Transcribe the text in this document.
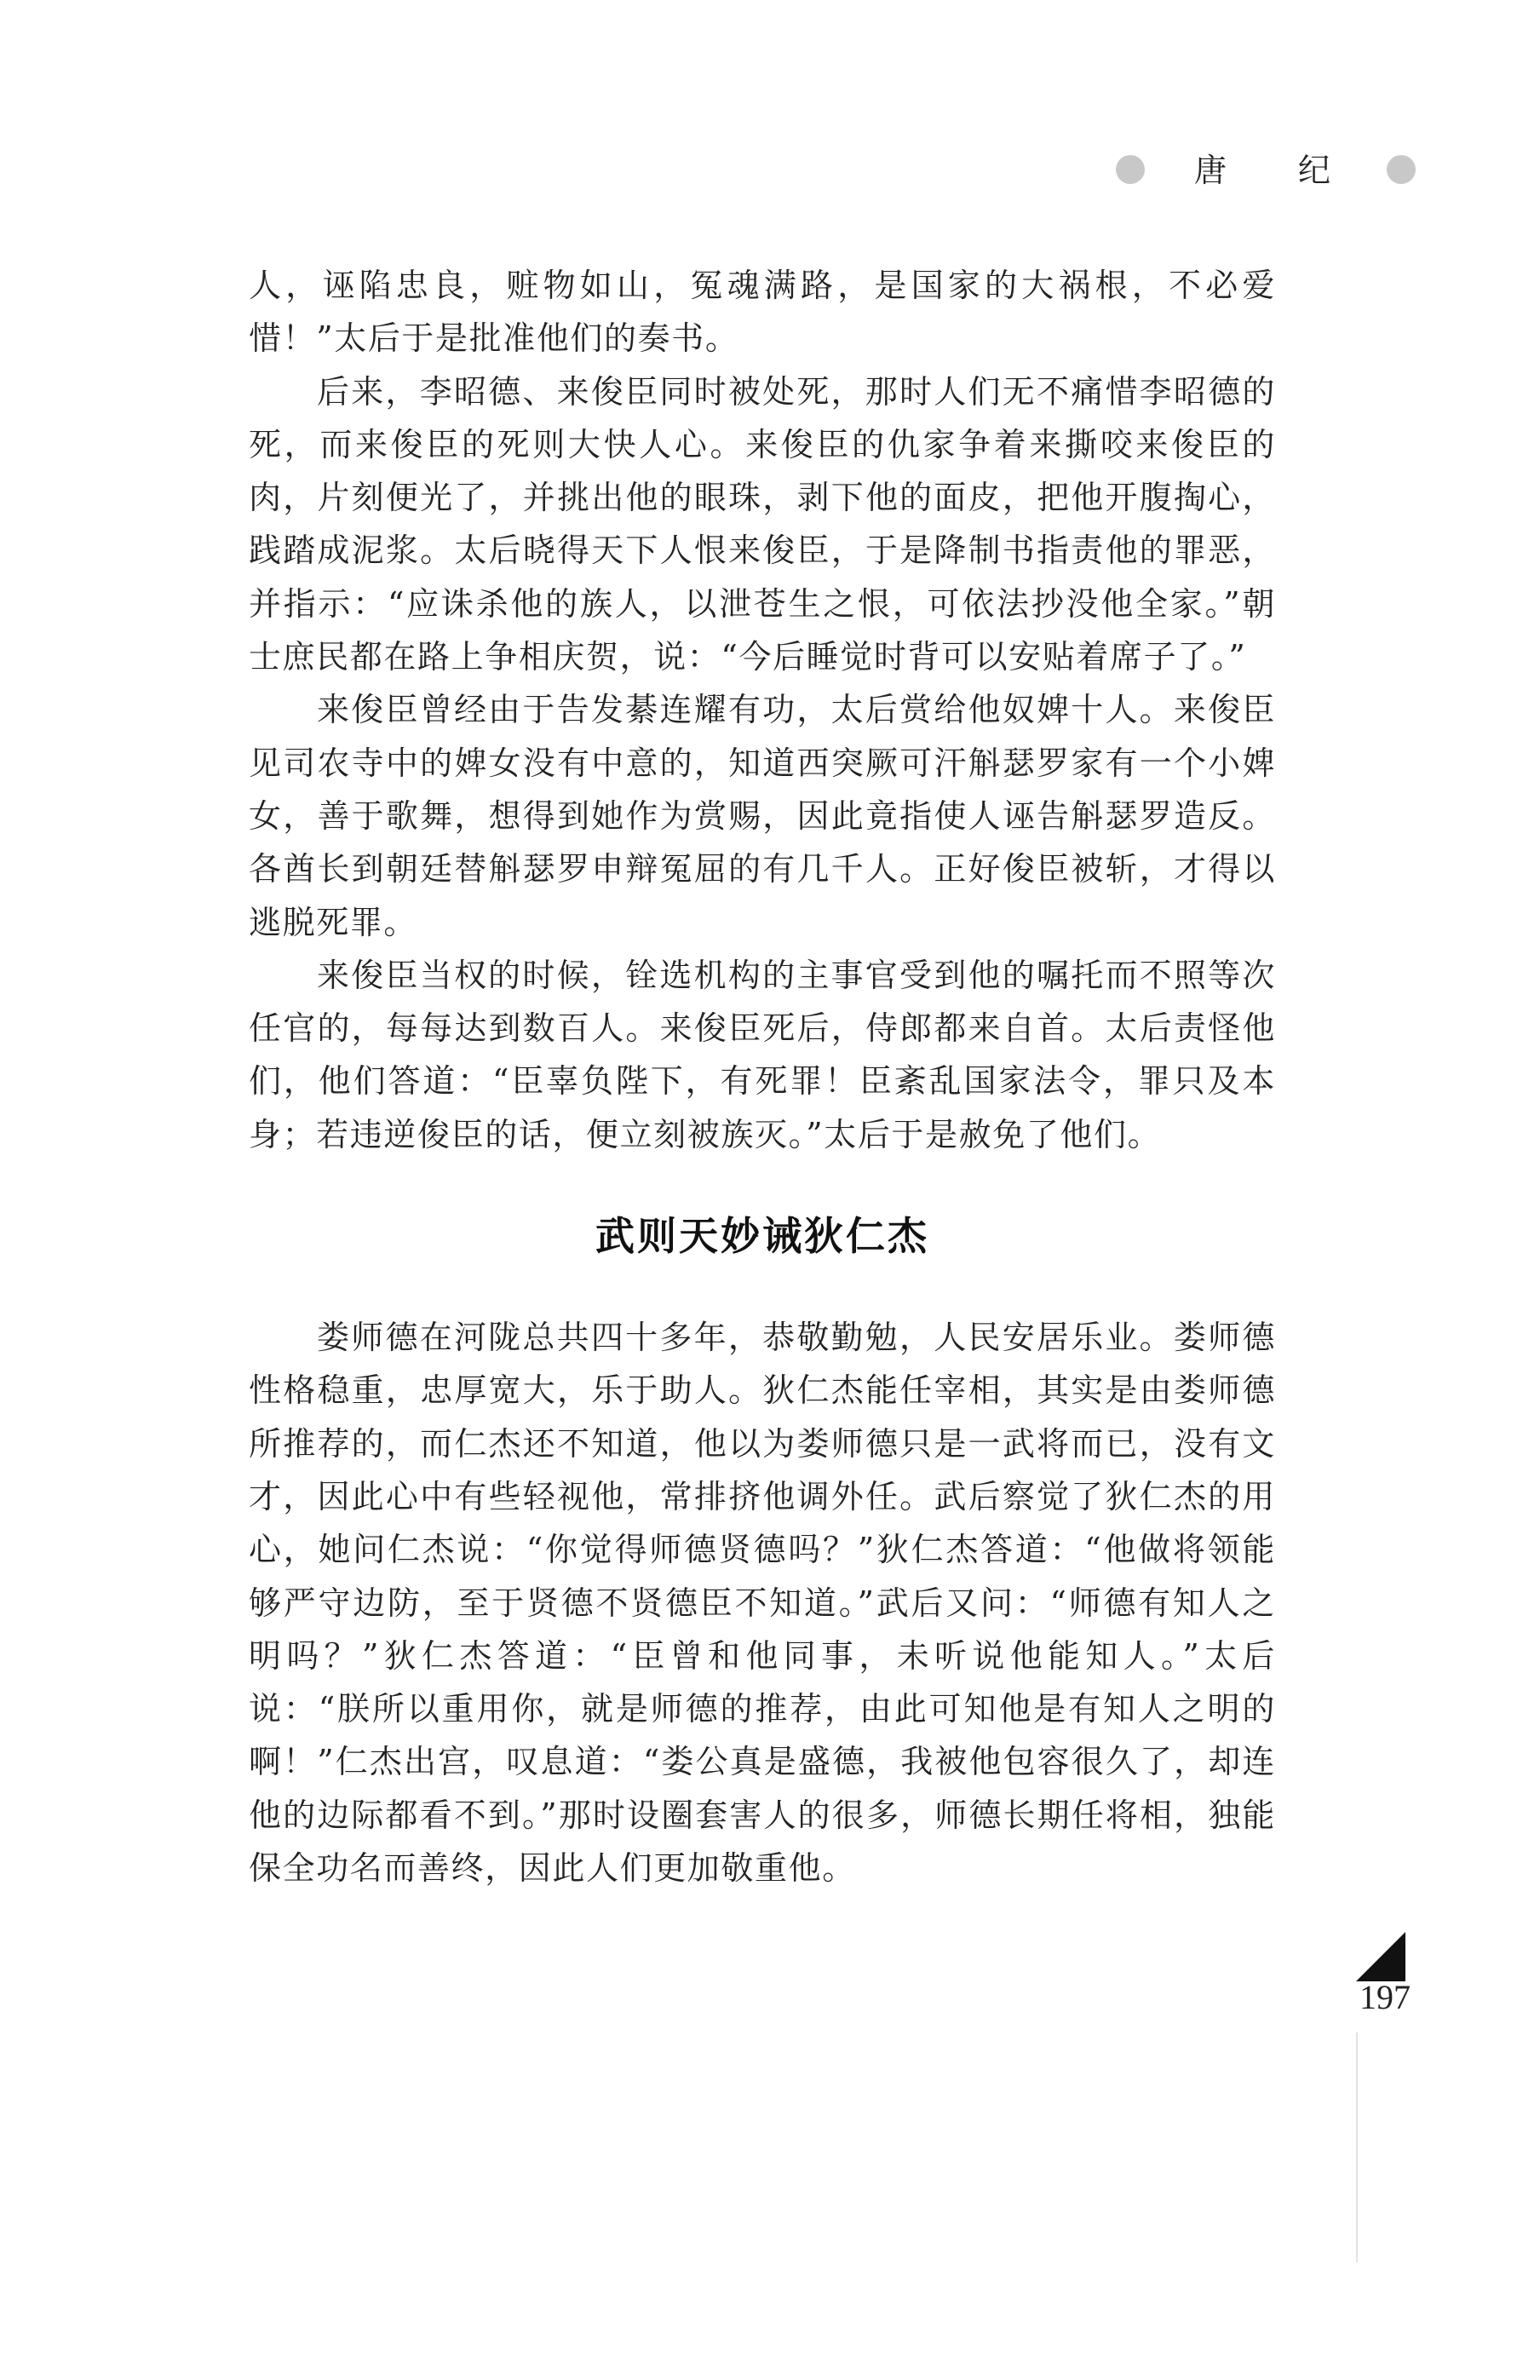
唐 纪

人，诬陷忠良，赃物如山，冤魂满路，是国家的大祸根，不必爱惜！”太后于是批准他们的奏书。

后来，李昭德、来俊臣同时被处死，那时人们无不痛惜李昭德的死，而来俊臣的死则大快人心。来俊臣的仇家争着来撕咬来俊臣的肉，片刻便光了，并挑出他的眼珠，剥下他的面皮，把他开腹掏心，践踏成泥浆。太后晓得天下人恨来俊臣，于是降制书指责他的罪恶，并指示：“应诛杀他的族人，以泄苍生之恨，可依法抄没他全家。”朝士庶民都在路上争相庆贺，说：“今后睡觉时背可以安贴着席子了。”

来俊臣曾经由于告发綦连耀有功，太后赏给他奴婢十人。来俊臣见司农寺中的婢女没有中意的，知道西突厥可汗斛瑟罗家有一个小婢女，善于歌舞，想得到她作为赏赐，因此竟指使人诬告斛瑟罗造反。各酋长到朝廷替斛瑟罗申辩冤屈的有几千人。正好俊臣被斩，才得以逃脱死罪。

来俊臣当权的时候，铨选机构的主事官受到他的嘱托而不照等次任官的，每每达到数百人。来俊臣死后，侍郎都来自首。太后责怪他们，他们答道：“臣辜负陛下，有死罪！臣紊乱国家法令，罪只及本身；若违逆俊臣的话，便立刻被族灭。”太后于是赦免了他们。

武则天妙诫狄仁杰

娄师德在河陇总共四十多年，恭敬勤勉，人民安居乐业。娄师德性格稳重，忠厚宽大，乐于助人。狄仁杰能任宰相，其实是由娄师德所推荐的，而仁杰还不知道，他以为娄师德只是一武将而已，没有文才，因此心中有些轻视他，常排挤他调外任。武后察觉了狄仁杰的用心，她问仁杰说：“你觉得师德贤德吗？”狄仁杰答道：“他做将领能够严守边防，至于贤德不贤德臣不知道。”武后又问：“师德有知人之明吗？”狄仁杰答道：“臣曾和他同事，未听说他能知人。”太后说：“朕所以重用你，就是师德的推荐，由此可知他是有知人之明的啊！”仁杰出宫，叹息道：“娄公真是盛德，我被他包容很久了，却连他的边际都看不到。”那时设圈套害人的很多，师德长期任将相，独能保全功名而善终，因此人们更加敬重他。

197
